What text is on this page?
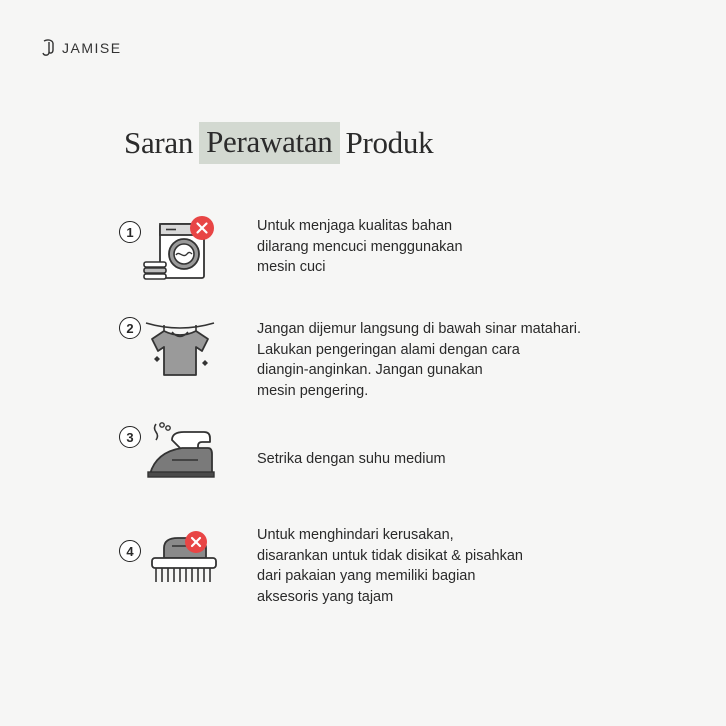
JAMISE
Saran Perawatan Produk
1	Untuk menjaga kualitas bahan
dilarang mencuci menggunakan
mesin cuci
2	Jangan dijemur langsung di bawah sinar matahari.
Lakukan pengeringan alami dengan cara
diangin-anginkan. Jangan gunakan
mesin pengering.
3
Setrika dengan suhu medium
4
Untuk menghindari kerusakan,
disarankan untuk tidak disikat & pisahkan
dari pakaian yang memiliki bagian
aksesoris yang tajam
